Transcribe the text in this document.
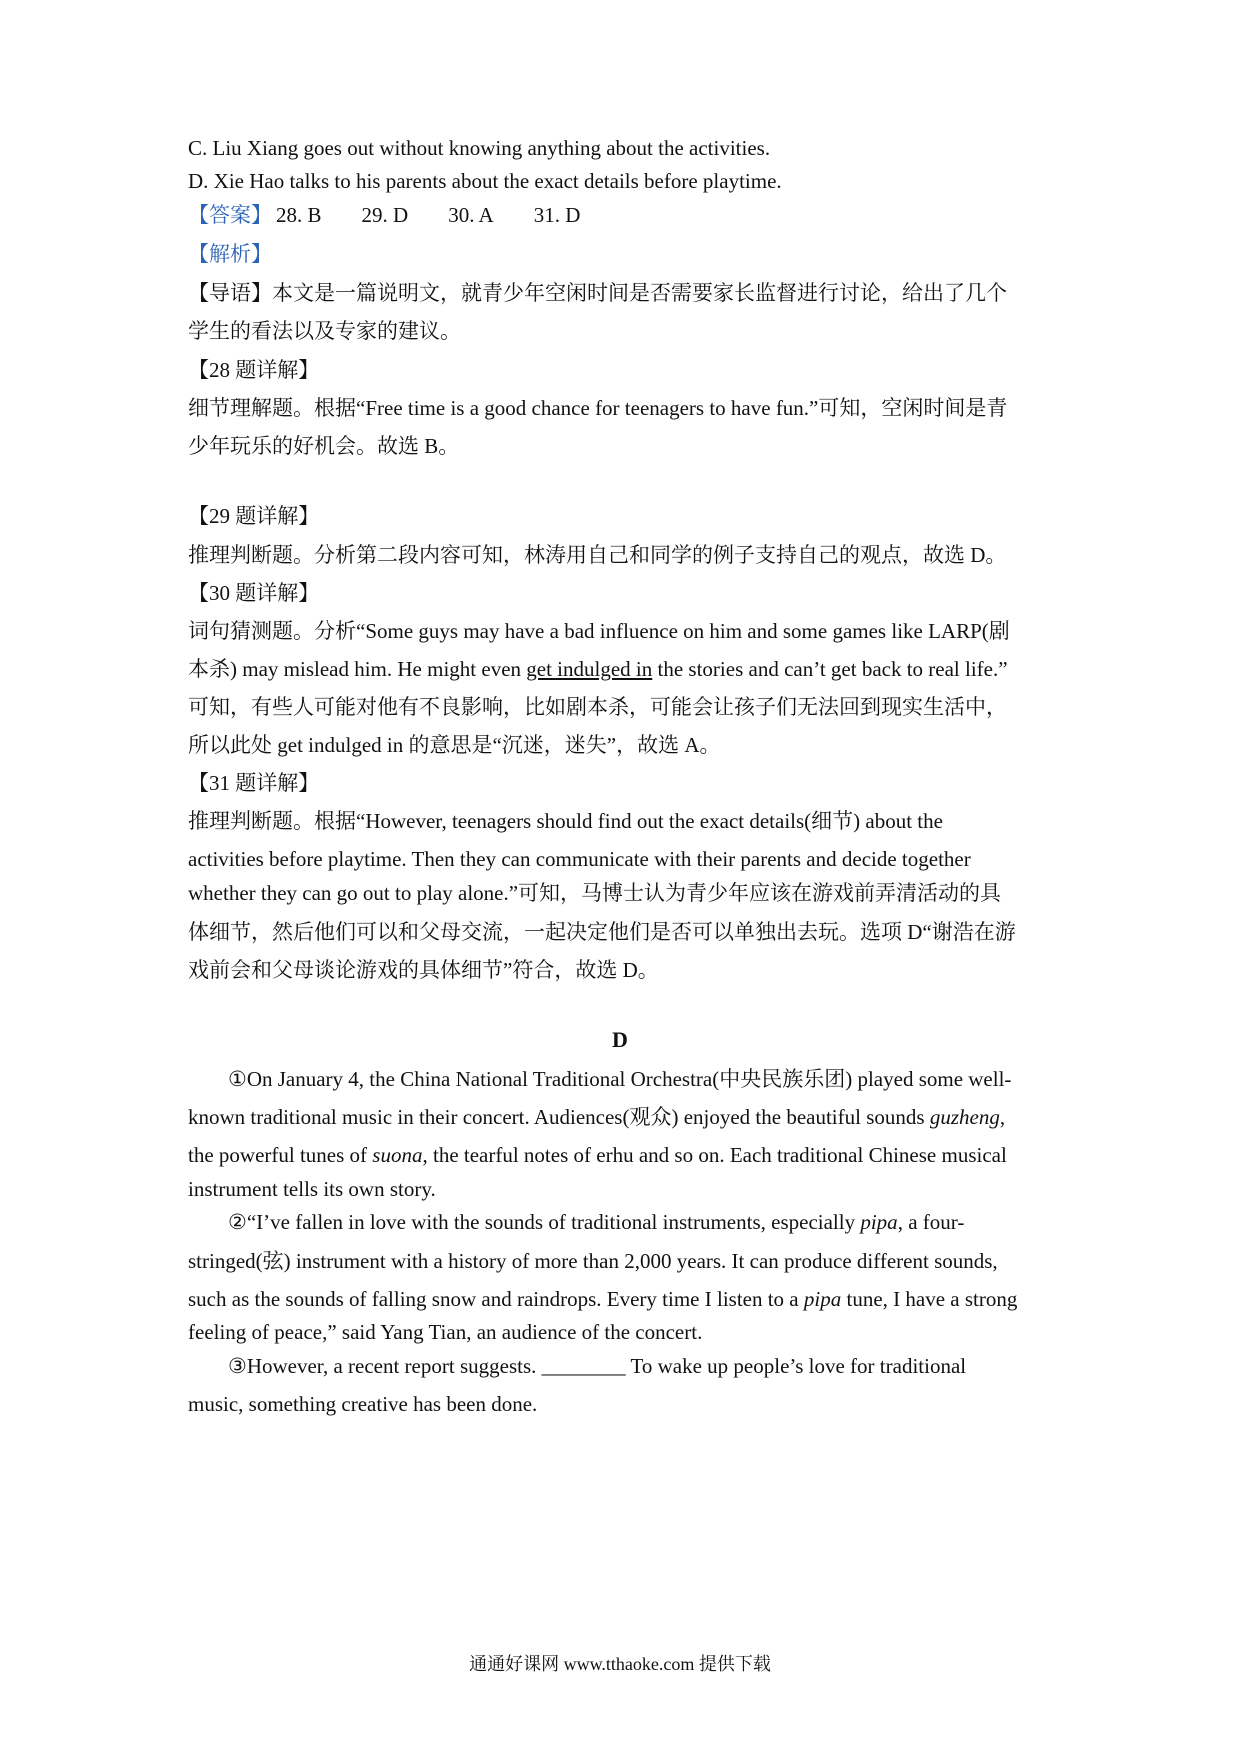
C. Liu Xiang goes out without knowing anything about the activities.
D. Xie Hao talks to his parents about the exact details before playtime.
【答案】 28. B 29. D 30. A 31. D
【解析】
【导语】本文是一篇说明文，就青少年空闲时间是否需要家长监督进行讨论，给出了几个
学生的看法以及专家的建议。
【28 题详解】
细节理解题。根据“Free time is a good chance for teenagers to have fun.”可知，空闲时间是青
少年玩乐的好机会。故选 B。
【29 题详解】
推理判断题。分析第二段内容可知，林涛用自己和同学的例子支持自己的观点，故选 D。
【30 题详解】
词句猜测题。分析“Some guys may have a bad influence on him and some games like LARP(剧
本杀) may mislead him. He might even get indulged in the stories and can’t get back to real life.”
可知，有些人可能对他有不良影响，比如剧本杀，可能会让孩子们无法回到现实生活中，
所以此处 get indulged in 的意思是“沉迷，迷失”，故选 A。
【31 题详解】
推理判断题。根据“However, teenagers should find out the exact details(细节) about the
activities before playtime. Then they can communicate with their parents and decide together
whether they can go out to play alone.”可知，马博士认为青少年应该在游戏前弄清活动的具
体细节，然后他们可以和父母交流，一起决定他们是否可以单独出去玩。选项 D“谢浩在游
戏前会和父母谈论游戏的具体细节”符合，故选 D。
D
①On January 4, the China National Traditional Orchestra(中央民族乐团) played some well-
known traditional music in their concert. Audiences(观众) enjoyed the beautiful sounds guzheng,
the powerful tunes of suona, the tearful notes of erhu and so on. Each traditional Chinese musical
instrument tells its own story.
②“I’ve fallen in love with the sounds of traditional instruments, especially pipa, a four-
stringed(弦) instrument with a history of more than 2,000 years. It can produce different sounds,
such as the sounds of falling snow and raindrops. Every time I listen to a pipa tune, I have a strong
feeling of peace,” said Yang Tian, an audience of the concert.
③However, a recent report suggests. ________ To wake up people’s love for traditional
music, something creative has been done.
通通好课网 www.tthaoke.com 提供下载
